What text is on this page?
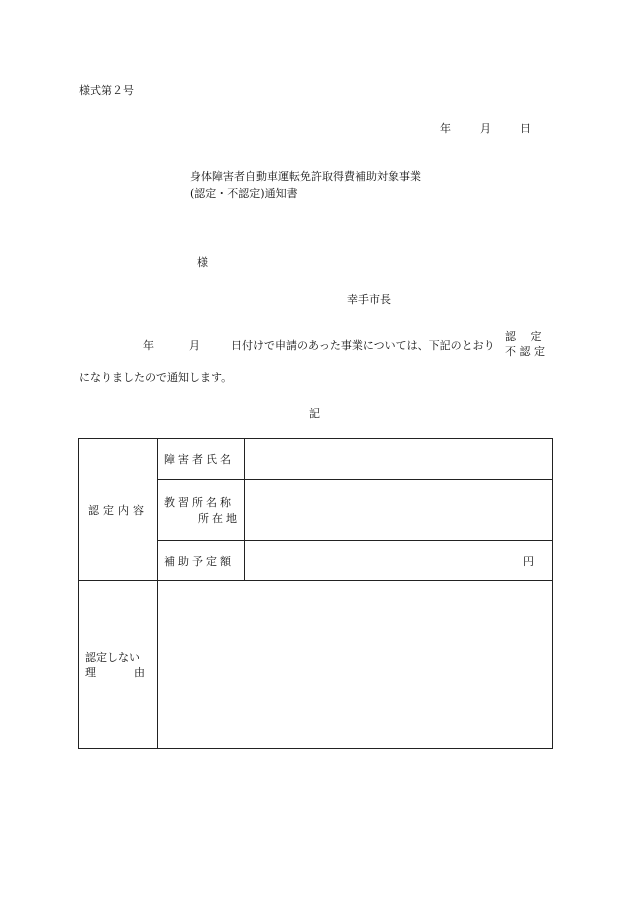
様式第２号
年	月	日
身体障害者自動車運転免許取得費補助対象事業
(認定・不認定)通知書
様
幸手市長
年	月	日付けで申請のあった事業については、下記のとおり
認　 定
不 認 定
になりましたので通知します。
記
認定内容	障害者氏名	

	教習所名称
所在地	

	補助予定額	円

認定しない
理 由		
